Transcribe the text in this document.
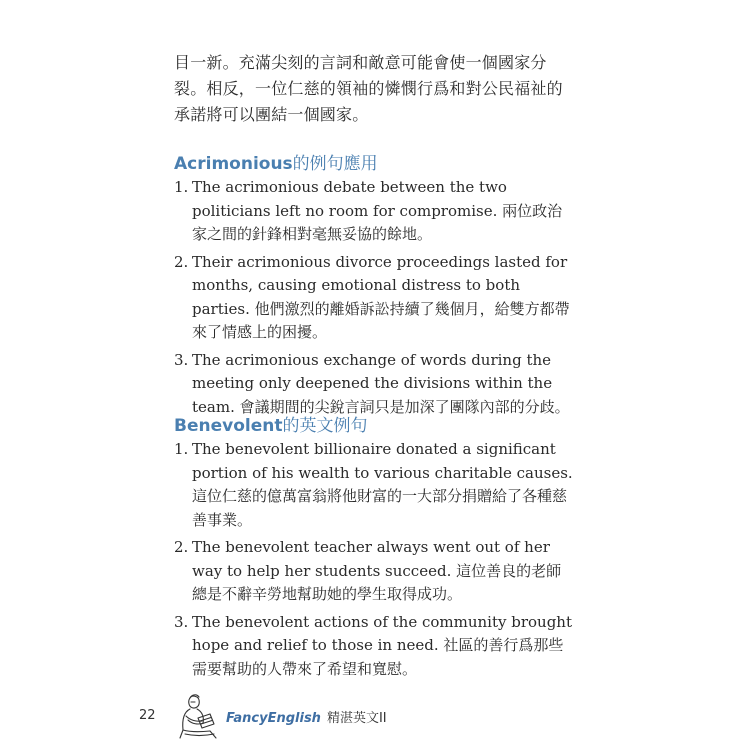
目一新。充滿尖刻的言詞和敵意可能會使一個國家分裂。相反，一位仁慈的領袖的憐憫行爲和對公民福祉的承諾將可以團結一個國家。

Acrimonious的例句應用
1. The acrimonious debate between the two politicians left no room for compromise. 兩位政治家之間的針鋒相對毫無妥協的餘地。
2. Their acrimonious divorce proceedings lasted for months, causing emotional distress to both parties. 他們激烈的離婚訴訟持續了幾個月，給雙方都帶來了情感上的困擾。
3. The acrimonious exchange of words during the meeting only deepened the divisions within the team. 會議期間的尖銳言詞只是加深了團隊內部的分歧。
Benevolent的英文例句
1. The benevolent billionaire donated a significant portion of his wealth to various charitable causes. 這位仁慈的億萬富翁將他財富的一大部分捐贈給了各種慈善事業。
2. The benevolent teacher always went out of her way to help her students succeed. 這位善良的老師總是不辭辛勞地幫助她的學生取得成功。
3. The benevolent actions of the community brought hope and relief to those in need. 社區的善行爲那些需要幫助的人帶來了希望和寬慰。
22	FancyEnglish 精湛英文II
